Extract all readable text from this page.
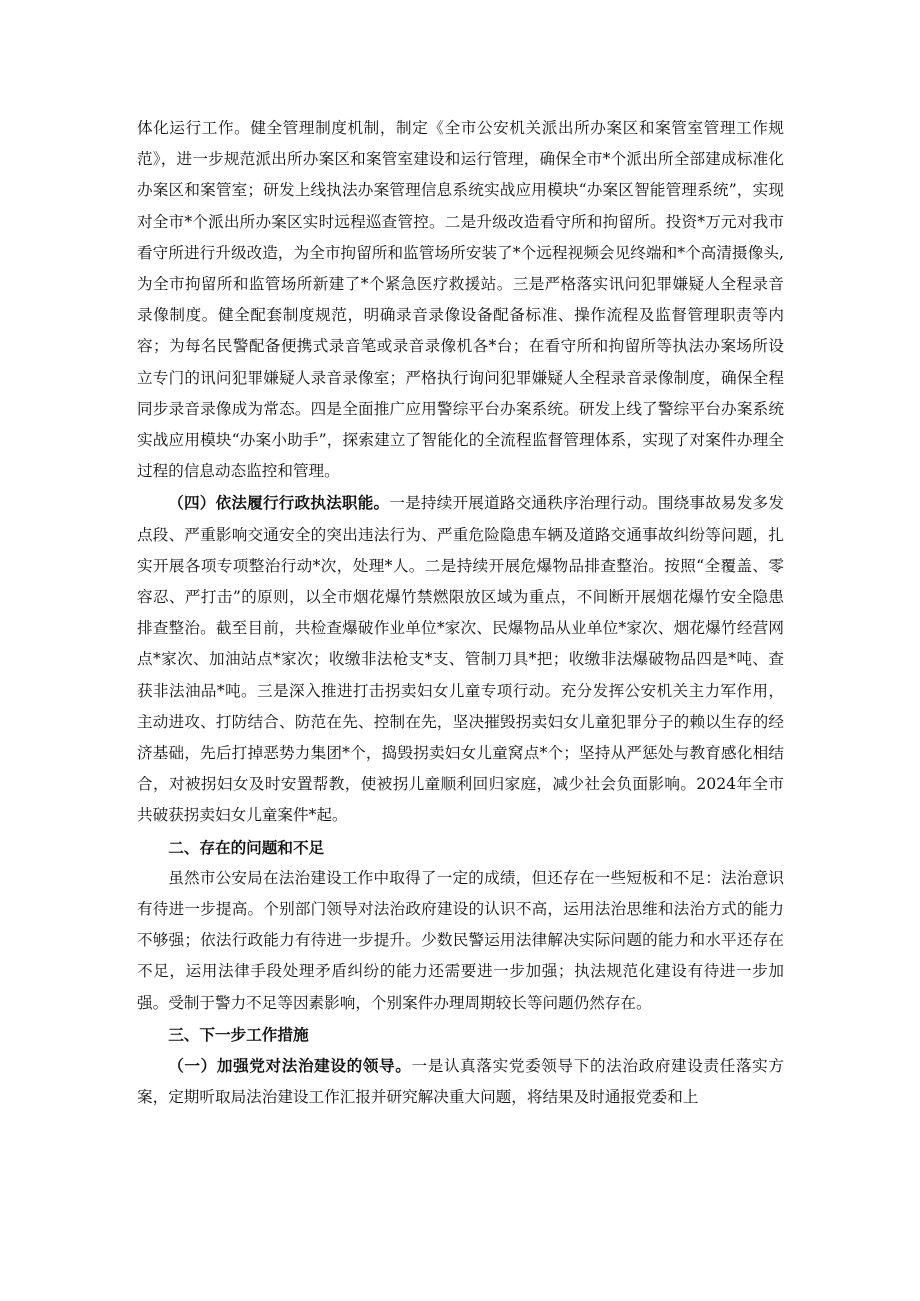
体化运行工作。健全管理制度机制，制定《全市公安机关派出所办案区和案管室管理工作规范》，进一步规范派出所办案区和案管室建设和运行管理，确保全市*个派出所全部建成标准化办案区和案管室；研发上线执法办案管理信息系统实战应用模块“办案区智能管理系统”，实现对全市*个派出所办案区实时远程巡查管控。二是升级改造看守所和拘留所。投资*万元对我市看守所进行升级改造，为全市拘留所和监管场所安装了*个远程视频会见终端和*个高清摄像头,为全市拘留所和监管场所新建了*个紧急医疗救援站。三是严格落实讯问犯罪嫌疑人全程录音录像制度。健全配套制度规范，明确录音录像设备配备标准、操作流程及监督管理职责等内容；为每名民警配备便携式录音笔或录音录像机各*台；在看守所和拘留所等执法办案场所设立专门的讯问犯罪嫌疑人录音录像室；严格执行询问犯罪嫌疑人全程录音录像制度，确保全程同步录音录像成为常态。四是全面推广应用警综平台办案系统。研发上线了警综平台办案系统实战应用模块“办案小助手”，探索建立了智能化的全流程监督管理体系，实现了对案件办理全过程的信息动态监控和管理。

（四）依法履行行政执法职能。一是持续开展道路交通秩序治理行动。围绕事故易发多发点段、严重影响交通安全的突出违法行为、严重危险隐患车辆及道路交通事故纠纷等问题，扎实开展各项专项整治行动*次，处理*人。二是持续开展危爆物品排查整治。按照“全覆盖、零容忍、严打击”的原则，以全市烟花爆竹禁燃限放区域为重点，不间断开展烟花爆竹安全隐患排查整治。截至目前，共检查爆破作业单位*家次、民爆物品从业单位*家次、烟花爆竹经营网点*家次、加油站点*家次；收缴非法枪支*支、管制刀具*把；收缴非法爆破物品四是*吨、查获非法油品*吨。三是深入推进打击拐卖妇女儿童专项行动。充分发挥公安机关主力军作用，主动进攻、打防结合、防范在先、控制在先，坚决摧毁拐卖妇女儿童犯罪分子的赖以生存的经济基础，先后打掉恶势力集团*个，捣毁拐卖妇女儿童窝点*个；坚持从严惩处与教育感化相结合，对被拐妇女及时安置帮教，使被拐儿童顺利回归家庭，减少社会负面影响。2024年全市共破获拐卖妇女儿童案件*起。

二、存在的问题和不足

虽然市公安局在法治建设工作中取得了一定的成绩，但还存在一些短板和不足：法治意识有待进一步提高。个别部门领导对法治政府建设的认识不高，运用法治思维和法治方式的能力不够强；依法行政能力有待进一步提升。少数民警运用法律解决实际问题的能力和水平还存在不足，运用法律手段处理矛盾纠纷的能力还需要进一步加强；执法规范化建设有待进一步加强。受制于警力不足等因素影响，个别案件办理周期较长等问题仍然存在。

三、下一步工作措施

（一）加强党对法治建设的领导。一是认真落实党委领导下的法治政府建设责任落实方案，定期听取局法治建设工作汇报并研究解决重大问题，将结果及时通报党委和上
